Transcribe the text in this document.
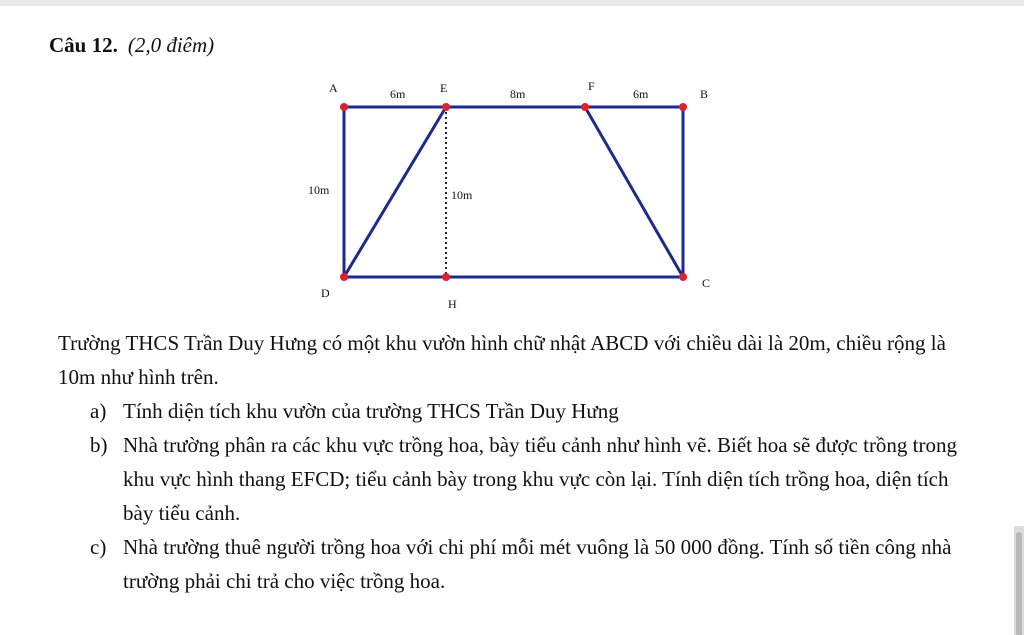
Câu 12. (2,0 điêm)
A	E	F
B
C
D
H
6m	8m	6m
10m	10m

Trường THCS Trần Duy Hưng có một khu vườn hình chữ nhật ABCD với chiều dài là 20m, chiều rộng là 10m như hình trên.

a) Tính diện tích khu vườn của trường THCS Trần Duy Hưng
b) Nhà trường phân ra các khu vực trồng hoa, bày tiểu cảnh như hình vẽ. Biết hoa sẽ được trồng trong khu vực hình thang EFCD; tiểu cảnh bày trong khu vực còn lại. Tính diện tích trồng hoa, diện tích bày tiểu cảnh.
c) Nhà trường thuê người trồng hoa với chi phí mỗi mét vuông là 50 000 đồng. Tính số tiền công nhà trường phải chi trả cho việc trồng hoa.
